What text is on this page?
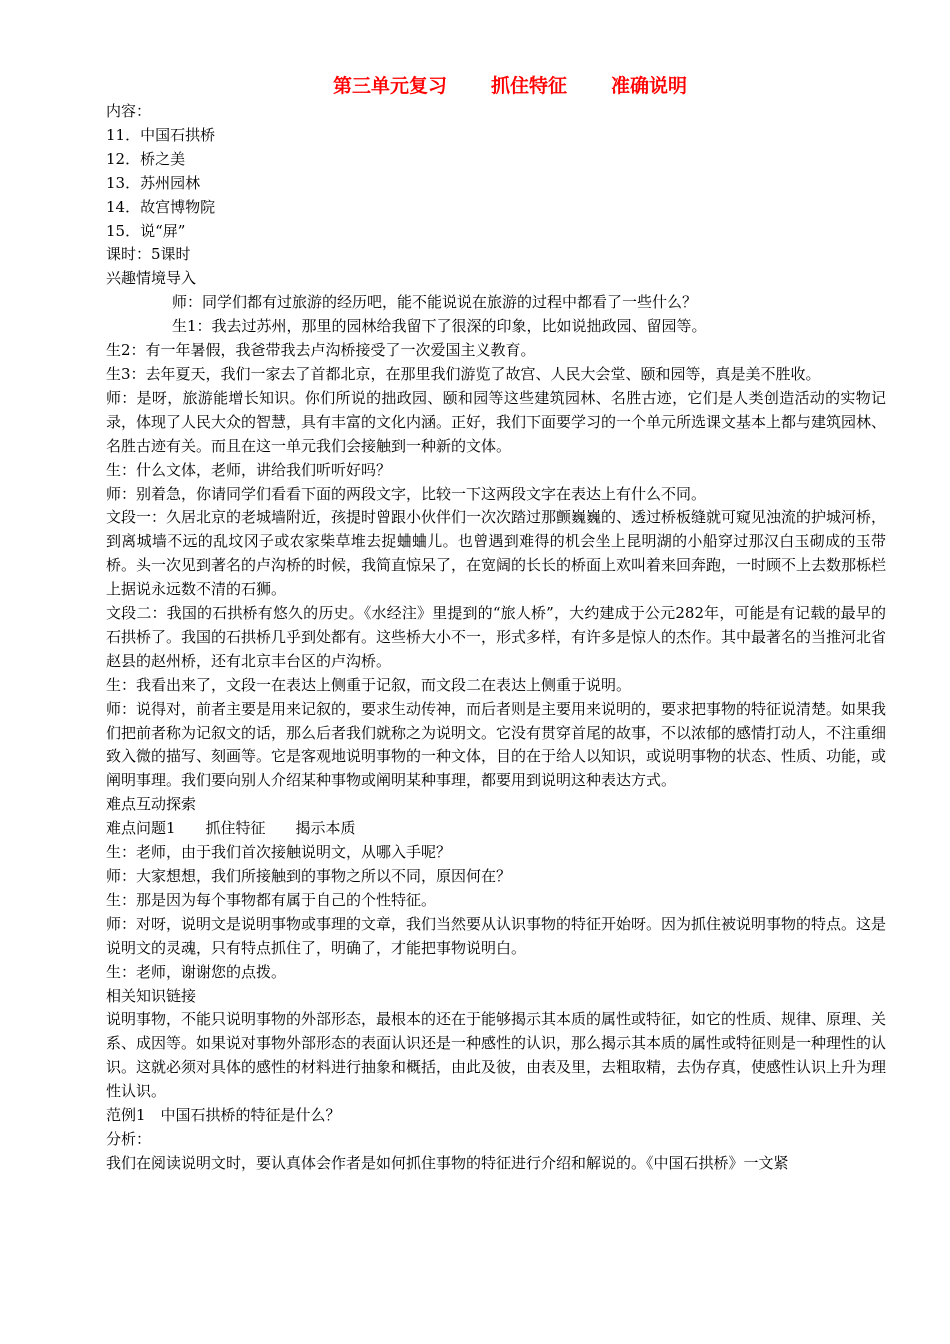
第三单元复习 抓住特征 准确说明

内容：

11．中国石拱桥

12．桥之美

13．苏州园林

14．故宫博物院

15．说“屏”

课时：5课时

兴趣情境导入

师：同学们都有过旅游的经历吧，能不能说说在旅游的过程中都看了一些什么？

生1：我去过苏州，那里的园林给我留下了很深的印象，比如说拙政园、留园等。

生2：有一年暑假，我爸带我去卢沟桥接受了一次爱国主义教育。

生3：去年夏天，我们一家去了首都北京，在那里我们游览了故宫、人民大会堂、颐和园等，真是美不胜收。

师：是呀，旅游能增长知识。你们所说的拙政园、颐和园等这些建筑园林、名胜古迹，它们是人类创造活动的实物记录，体现了人民大众的智慧，具有丰富的文化内涵。正好，我们下面要学习的一个单元所选课文基本上都与建筑园林、名胜古迹有关。而且在这一单元我们会接触到一种新的文体。

生：什么文体，老师，讲给我们听听好吗？

师：别着急，你请同学们看看下面的两段文字，比较一下这两段文字在表达上有什么不同。

文段一：久居北京的老城墙附近，孩提时曾跟小伙伴们一次次踏过那颤巍巍的、透过桥板缝就可窥见浊流的护城河桥，到离城墙不远的乱坟冈子或农家柴草堆去捉蛐蛐儿。也曾遇到难得的机会坐上昆明湖的小船穿过那汉白玉砌成的玉带桥。头一次见到著名的卢沟桥的时候，我简直惊呆了，在宽阔的长长的桥面上欢叫着来回奔跑，一时顾不上去数那栎栏上据说永远数不清的石狮。

文段二：我国的石拱桥有悠久的历史。《水经注》里提到的“旅人桥”，大约建成于公元282年，可能是有记载的最早的石拱桥了。我国的石拱桥几乎到处都有。这些桥大小不一，形式多样，有许多是惊人的杰作。其中最著名的当推河北省赵县的赵州桥，还有北京丰台区的卢沟桥。

生：我看出来了，文段一在表达上侧重于记叙，而文段二在表达上侧重于说明。

师：说得对，前者主要是用来记叙的，要求生动传神，而后者则是主要用来说明的，要求把事物的特征说清楚。如果我们把前者称为记叙文的话，那么后者我们就称之为说明文。它没有贯穿首尾的故事，不以浓郁的感情打动人，不注重细致入微的描写、刻画等。它是客观地说明事物的一种文体，目的在于给人以知识，或说明事物的状态、性质、功能，或阐明事理。我们要向别人介绍某种事物或阐明某种事理，都要用到说明这种表达方式。

难点互动探索

难点问题1　　抓住特征　　揭示本质

生：老师，由于我们首次接触说明文，从哪入手呢？

师：大家想想，我们所接触到的事物之所以不同，原因何在？

生：那是因为每个事物都有属于自己的个性特征。

师：对呀，说明文是说明事物或事理的文章，我们当然要从认识事物的特征开始呀。因为抓住被说明事物的特点。这是说明文的灵魂，只有特点抓住了，明确了，才能把事物说明白。

生：老师，谢谢您的点拨。

相关知识链接

说明事物，不能只说明事物的外部形态，最根本的还在于能够揭示其本质的属性或特征，如它的性质、规律、原理、关系、成因等。如果说对事物外部形态的表面认识还是一种感性的认识，那么揭示其本质的属性或特征则是一种理性的认识。这就必须对具体的感性的材料进行抽象和概括，由此及彼，由表及里，去粗取精，去伪存真，使感性认识上升为理性认识。

范例1　中国石拱桥的特征是什么？

分析：

我们在阅读说明文时，要认真体会作者是如何抓住事物的特征进行介绍和解说的。《中国石拱桥》一文紧
